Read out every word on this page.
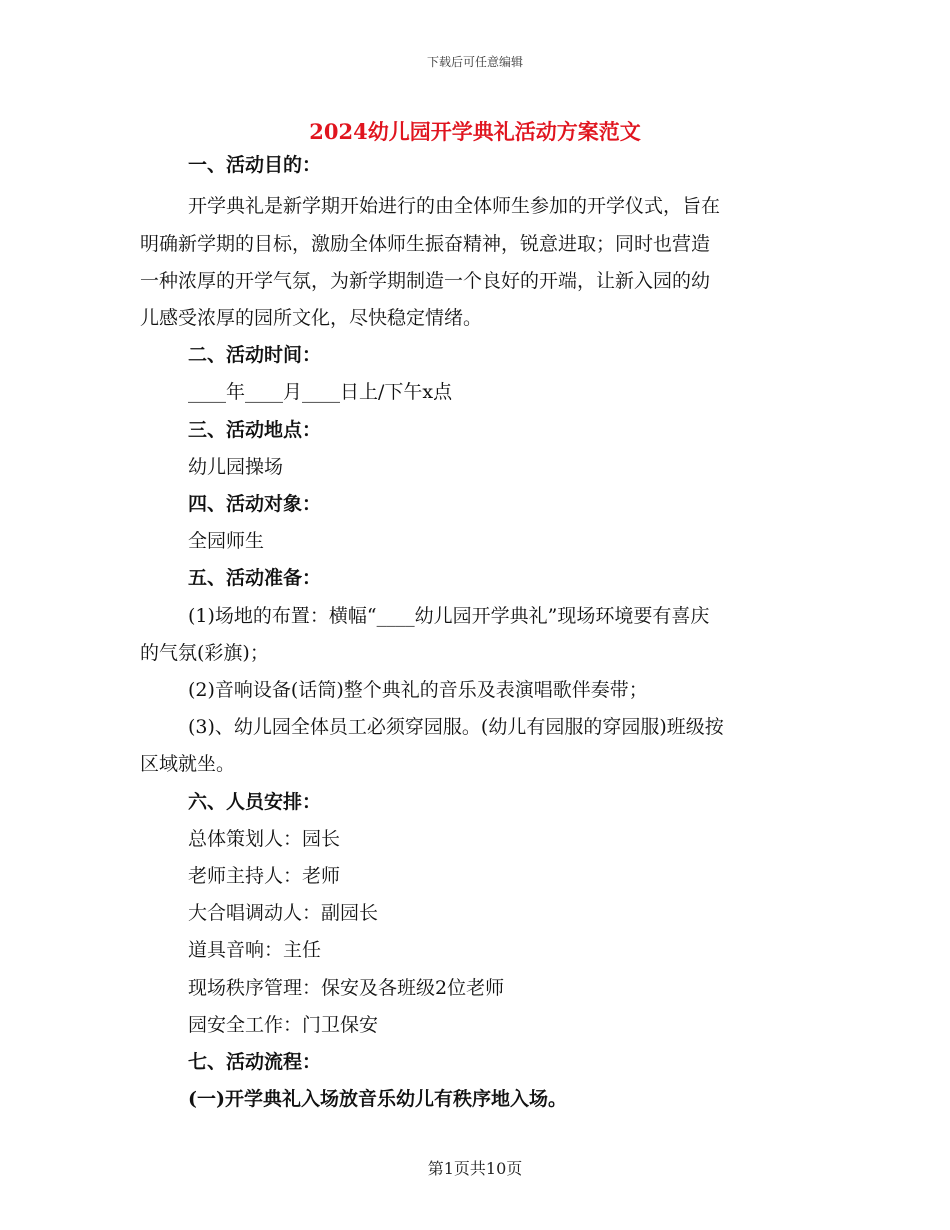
下载后可任意编辑
2024幼儿园开学典礼活动方案范文
一、活动目的：
开学典礼是新学期开始进行的由全体师生参加的开学仪式，旨在
明确新学期的目标，激励全体师生振奋精神，锐意进取；同时也营造
一种浓厚的开学气氛，为新学期制造一个良好的开端，让新入园的幼
儿感受浓厚的园所文化，尽快稳定情绪。
二、活动时间：
____年____月____日上/下午x点
三、活动地点：
幼儿园操场
四、活动对象：
全园师生
五、活动准备：
(1)场地的布置：横幅“____幼儿园开学典礼”现场环境要有喜庆
的气氛(彩旗)；
(2)音响设备(话筒)整个典礼的音乐及表演唱歌伴奏带；
(3)、幼儿园全体员工必须穿园服。(幼儿有园服的穿园服)班级按
区域就坐。
六、人员安排：
总体策划人：园长
老师主持人：老师
大合唱调动人：副园长
道具音响：主任
现场秩序管理：保安及各班级2位老师
园安全工作：门卫保安
七、活动流程：
(一)开学典礼入场放音乐幼儿有秩序地入场。
第1页共10页
